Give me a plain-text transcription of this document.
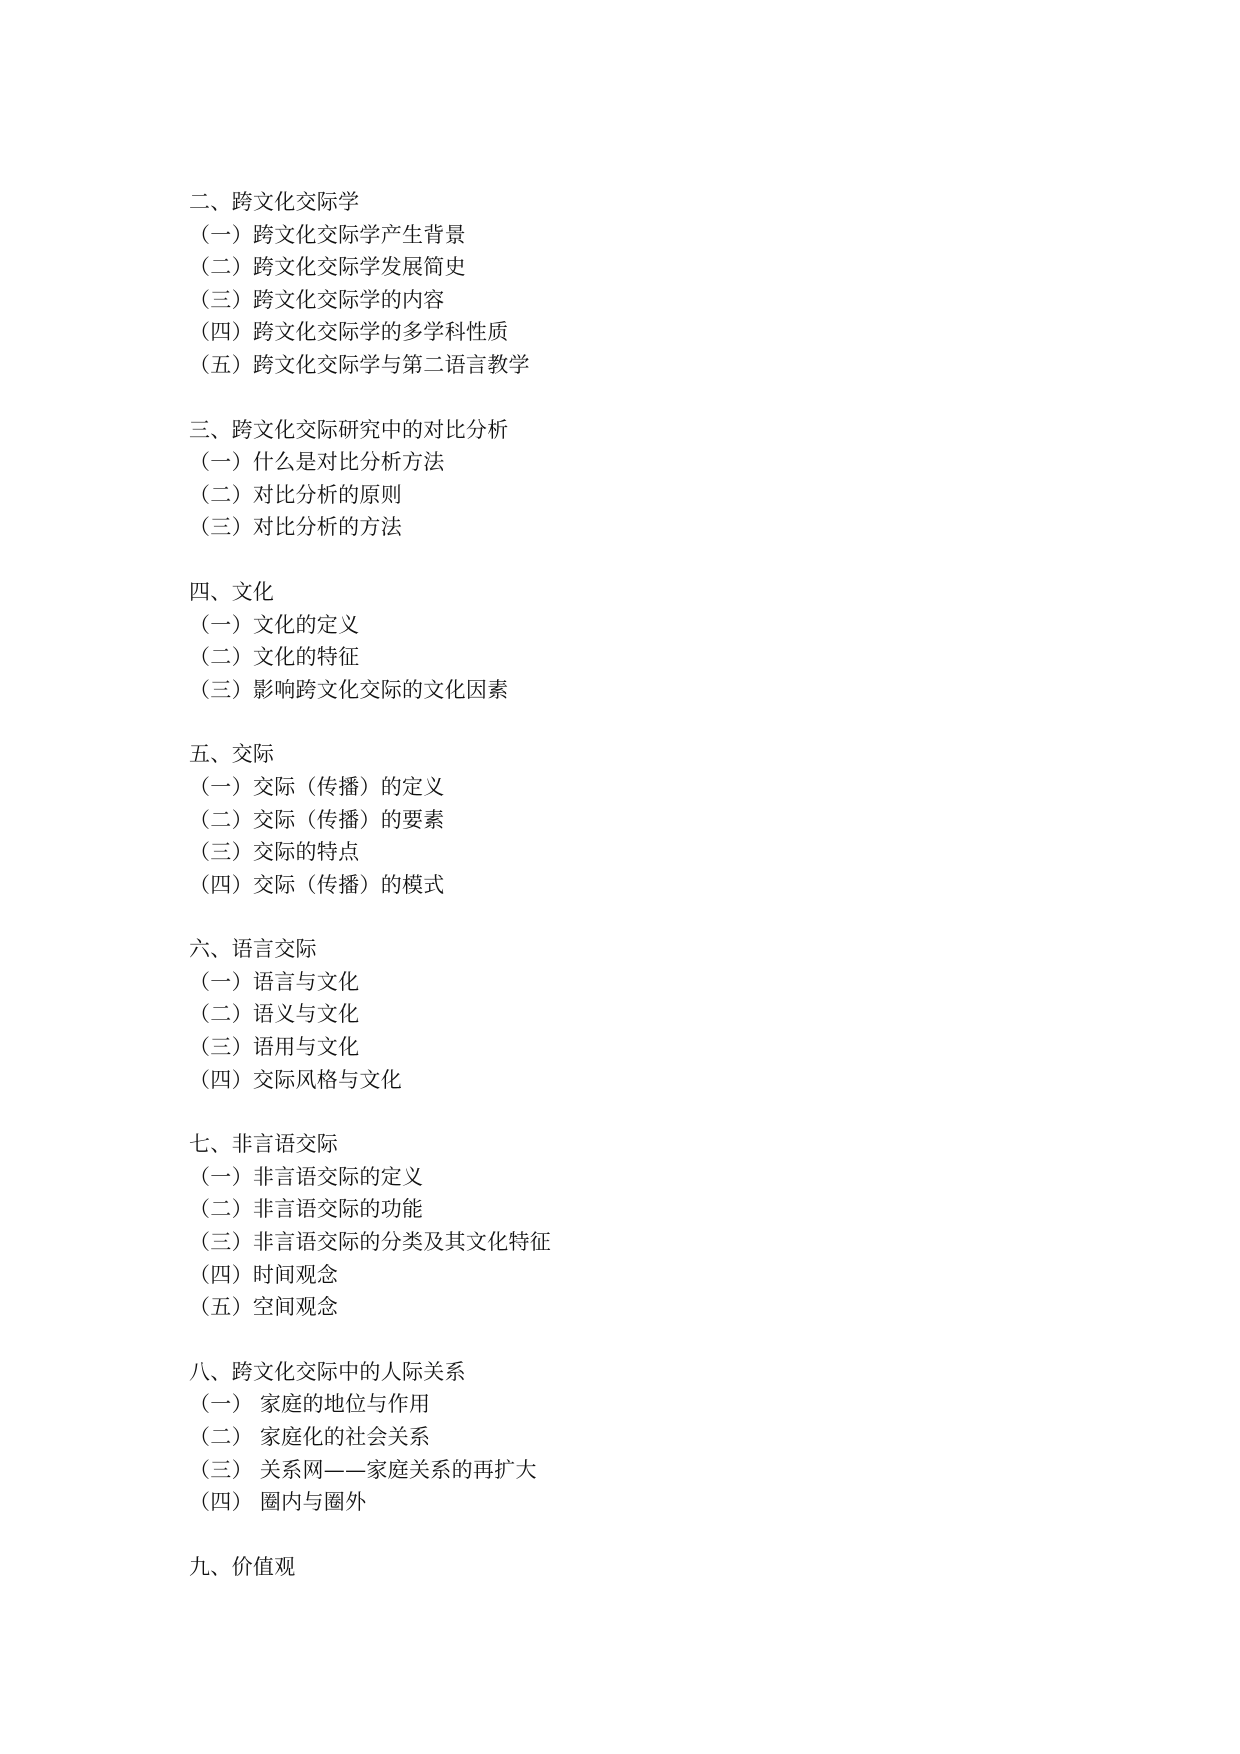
二、跨文化交际学
（一）跨文化交际学产生背景
（二）跨文化交际学发展简史
（三）跨文化交际学的内容
（四）跨文化交际学的多学科性质
（五）跨文化交际学与第二语言教学
三、跨文化交际研究中的对比分析
（一）什么是对比分析方法
（二）对比分析的原则
（三）对比分析的方法
四、文化
（一）文化的定义
（二）文化的特征
（三）影响跨文化交际的文化因素
五、交际
（一）交际（传播）的定义
（二）交际（传播）的要素
（三）交际的特点
（四）交际（传播）的模式
六、语言交际
（一）语言与文化
（二）语义与文化
（三）语用与文化
（四）交际风格与文化
七、非言语交际
（一）非言语交际的定义
（二）非言语交际的功能
（三）非言语交际的分类及其文化特征
（四）时间观念
（五）空间观念
八、跨文化交际中的人际关系
（一） 家庭的地位与作用
（二） 家庭化的社会关系
（三） 关系网——家庭关系的再扩大
（四） 圈内与圈外
九、价值观
